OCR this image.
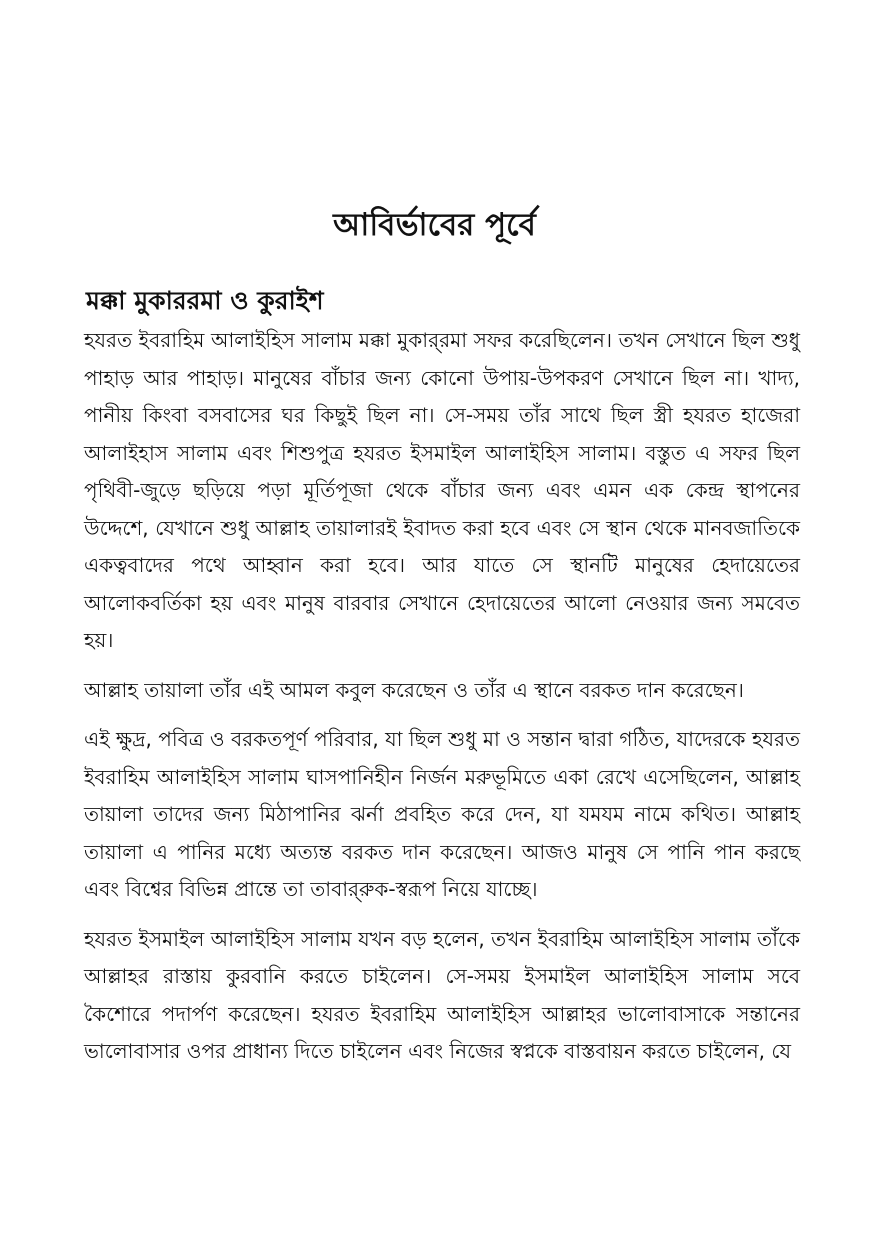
আবির্ভাবের পূর্বে
মক্কা মুকাররমা ও কুরাইশ

হযরত ইবরাহিম আলাইহিস সালাম মক্কা মুকার্‌রমা সফর করেছিলেন। তখন সেখানে ছিল শুধু পাহাড় আর পাহাড়। মানুষের বাঁচার জন্য কোনো উপায়-উপকরণ সেখানে ছিল না। খাদ্য, পানীয় কিংবা বসবাসের ঘর কিছুই ছিল না। সে-সময় তাঁর সাথে ছিল স্ত্রী হযরত হাজেরা আলাইহাস সালাম এবং শিশুপুত্র হযরত ইসমাইল আলাইহিস সালাম। বস্তুত এ সফর ছিল পৃথিবী-জুড়ে ছড়িয়ে পড়া মূর্তিপূজা থেকে বাঁচার জন্য এবং এমন এক কেন্দ্র স্থাপনের উদ্দেশে, যেখানে শুধু আল্লাহ তায়ালারই ইবাদত করা হবে এবং সে স্থান থেকে মানবজাতিকে একত্ববাদের পথে আহ্বান করা হবে। আর যাতে সে স্থানটি মানুষের হেদায়েতের আলোকবর্তিকা হয় এবং মানুষ বারবার সেখানে হেদায়েতের আলো নেওয়ার জন্য সমবেত হয়।

আল্লাহ তায়ালা তাঁর এই আমল কবুল করেছেন ও তাঁর এ স্থানে বরকত দান করেছেন।

এই ক্ষুদ্র, পবিত্র ও বরকতপূর্ণ পরিবার, যা ছিল শুধু মা ও সন্তান দ্বারা গঠিত, যাদেরকে হযরত ইবরাহিম আলাইহিস সালাম ঘাসপানিহীন নির্জন মরুভূমিতে একা রেখে এসেছিলেন, আল্লাহ তায়ালা তাদের জন্য মিঠাপানির ঝর্না প্রবহিত করে দেন, যা যমযম নামে কথিত। আল্লাহ তায়ালা এ পানির মধ্যে অত্যন্ত বরকত দান করেছেন। আজও মানুষ সে পানি পান করছে এবং বিশ্বের বিভিন্ন প্রান্তে তা তাবার্‌রুক-স্বরূপ নিয়ে যাচ্ছে।

হযরত ইসমাইল আলাইহিস সালাম যখন বড় হলেন, তখন ইবরাহিম আলাইহিস সালাম তাঁকে আল্লাহর রাস্তায় কুরবানি করতে চাইলেন। সে-সময় ইসমাইল আলাইহিস সালাম সবে কৈশোরে পদার্পণ করেছেন। হযরত ইবরাহিম আলাইহিস আল্লাহর ভালোবাসাকে সন্তানের ভালোবাসার ওপর প্রাধান্য দিতে চাইলেন এবং নিজের স্বপ্নকে বাস্তবায়ন করতে চাইলেন, যে
